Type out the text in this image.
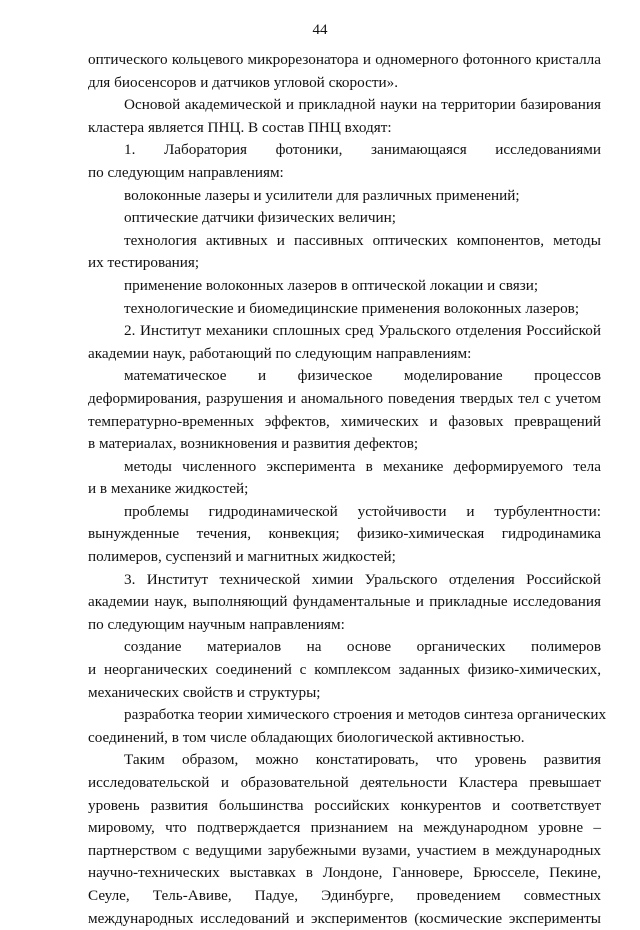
44
оптического кольцевого микрорезонатора и одномерного фотонного кристалла
для биосенсоров и датчиков угловой скорости».
Основой академической и прикладной науки на территории базирования
кластера является ПНЦ. В состав ПНЦ входят:
1. Лаборатория фотоники, занимающаяся исследованиями
по следующим направлениям:
волоконные лазеры и усилители для различных применений;
оптические датчики физических величин;
технология активных и пассивных оптических компонентов, методы
их тестирования;
применение волоконных лазеров в оптической локации и связи;
технологические и биомедицинские применения волоконных лазеров;
2. Институт механики сплошных сред Уральского отделения Российской
академии наук, работающий по следующим направлениям:
математическое и физическое моделирование процессов
деформирования, разрушения и аномального поведения твердых тел с учетом
температурно-временных эффектов, химических и фазовых превращений
в материалах, возникновения и развития дефектов;
методы численного эксперимента в механике деформируемого тела
и в механике жидкостей;
проблемы гидродинамической устойчивости и турбулентности:
вынужденные течения, конвекция; физико-химическая гидродинамика
полимеров, суспензий и магнитных жидкостей;
3. Институт технической химии Уральского отделения Российской
академии наук, выполняющий фундаментальные и прикладные исследования
по следующим научным направлениям:
создание материалов на основе органических полимеров
и неорганических соединений с комплексом заданных физико-химических,
механических свойств и структуры;
разработка теории химического строения и методов синтеза органических
соединений, в том числе обладающих биологической активностью.
Таким образом, можно констатировать, что уровень развития
исследовательской и образовательной деятельности Кластера превышает
уровень развития большинства российских конкурентов и соответствует
мировому, что подтверждается признанием на международном уровне –
партнерством с ведущими зарубежными вузами, участием в международных
научно-технических выставках в Лондоне, Ганновере, Брюсселе, Пекине,
Сеуле, Тель-Авиве, Падуе, Эдинбурге, проведением совместных
международных исследований и экспериментов (космические эксперименты
